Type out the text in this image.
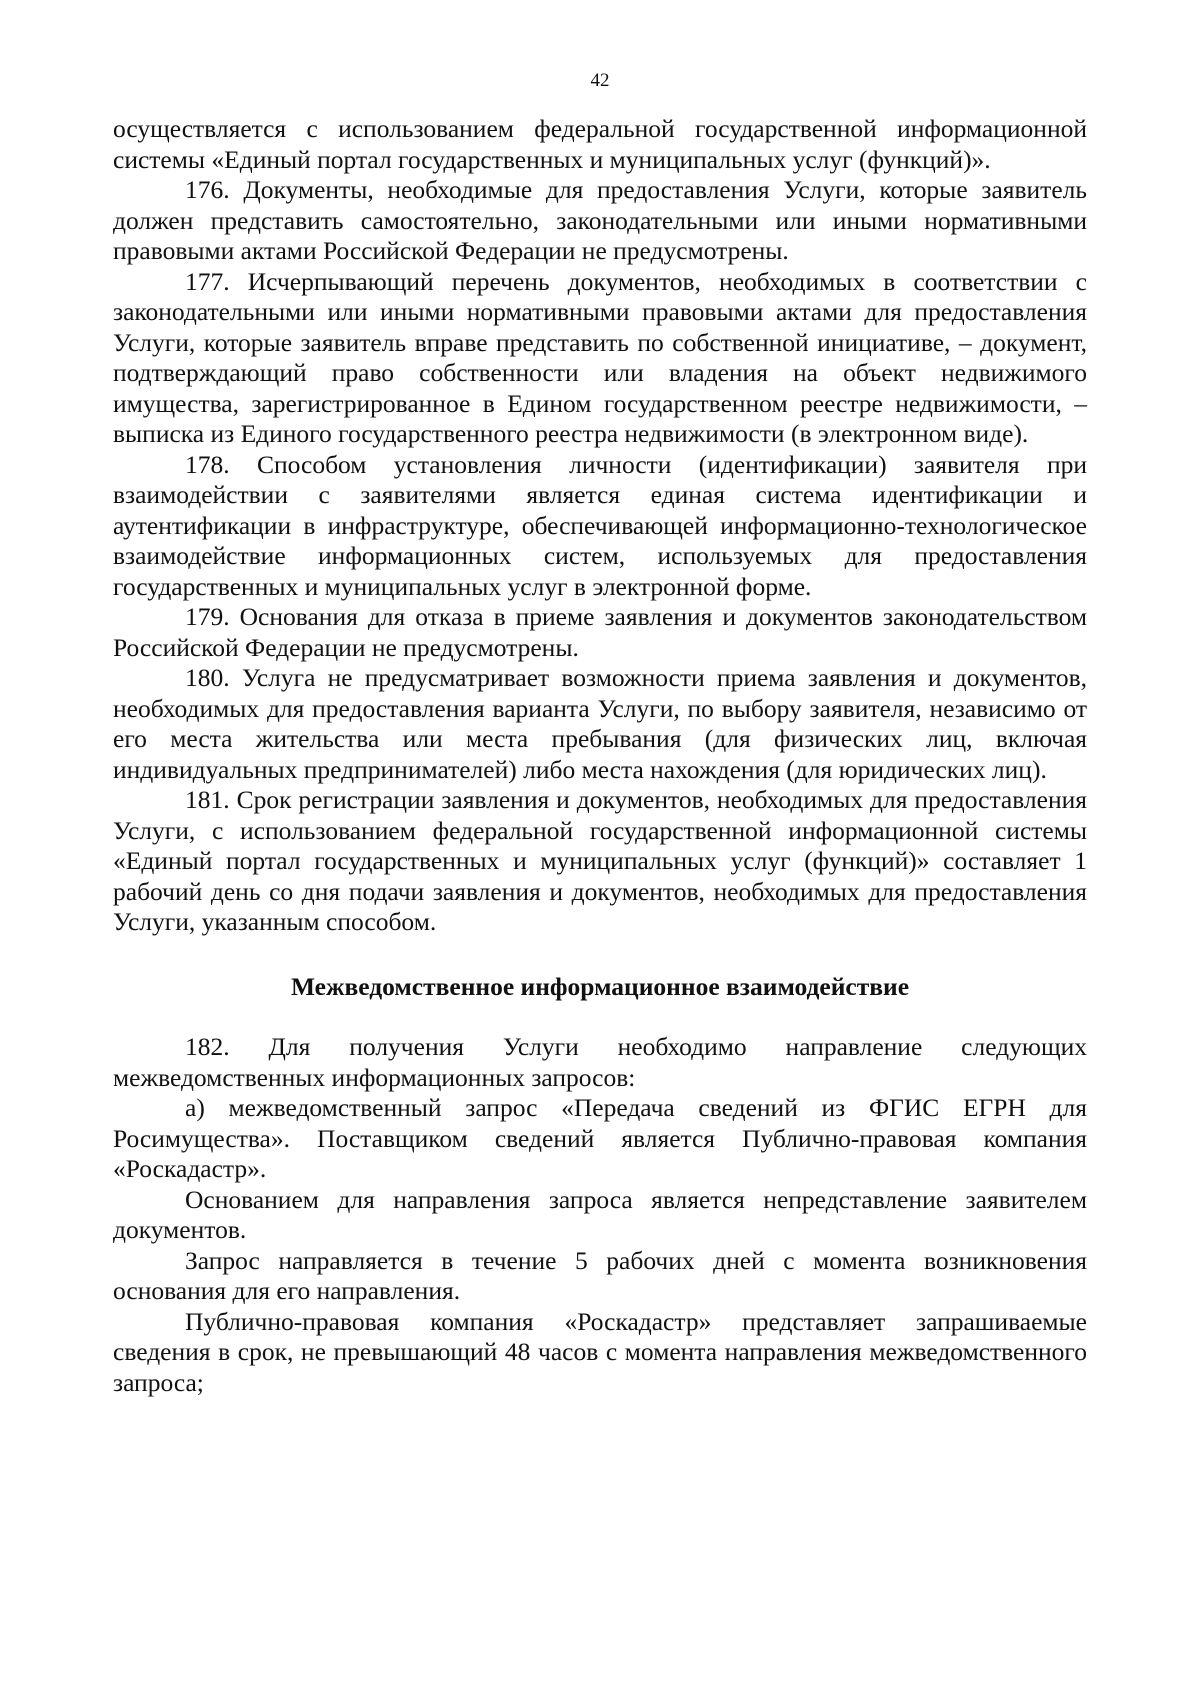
42

осуществляется с использованием федеральной государственной информационной системы «Единый портал государственных и муниципальных услуг (функций)».

176. Документы, необходимые для предоставления Услуги, которые заявитель должен представить самостоятельно, законодательными или иными нормативными правовыми актами Российской Федерации не предусмотрены.

177. Исчерпывающий перечень документов, необходимых в соответствии с законодательными или иными нормативными правовыми актами для предоставления Услуги, которые заявитель вправе представить по собственной инициативе, – документ, подтверждающий право собственности или владения на объект недвижимого имущества, зарегистрированное в Едином государственном реестре недвижимости, – выписка из Единого государственного реестра недвижимости (в электронном виде).

178. Способом установления личности (идентификации) заявителя при взаимодействии с заявителями является единая система идентификации и аутентификации в инфраструктуре, обеспечивающей информационно-технологическое взаимодействие информационных систем, используемых для предоставления государственных и муниципальных услуг в электронной форме.

179. Основания для отказа в приеме заявления и документов законодательством Российской Федерации не предусмотрены.

180. Услуга не предусматривает возможности приема заявления и документов, необходимых для предоставления варианта Услуги, по выбору заявителя, независимо от его места жительства или места пребывания (для физических лиц, включая индивидуальных предпринимателей) либо места нахождения (для юридических лиц).

181. Срок регистрации заявления и документов, необходимых для предоставления Услуги, с использованием федеральной государственной информационной системы «Единый портал государственных и муниципальных услуг (функций)» составляет 1 рабочий день со дня подачи заявления и документов, необходимых для предоставления Услуги, указанным способом.

Межведомственное информационное взаимодействие

182. Для получения Услуги необходимо направление следующих межведомственных информационных запросов:

а) межведомственный запрос «Передача сведений из ФГИС ЕГРН для Росимущества». Поставщиком сведений является Публично-правовая компания «Роскадастр».

Основанием для направления запроса является непредставление заявителем документов.

Запрос направляется в течение 5 рабочих дней с момента возникновения основания для его направления.

Публично-правовая компания «Роскадастр» представляет запрашиваемые сведения в срок, не превышающий 48 часов с момента направления межведомственного запроса;
